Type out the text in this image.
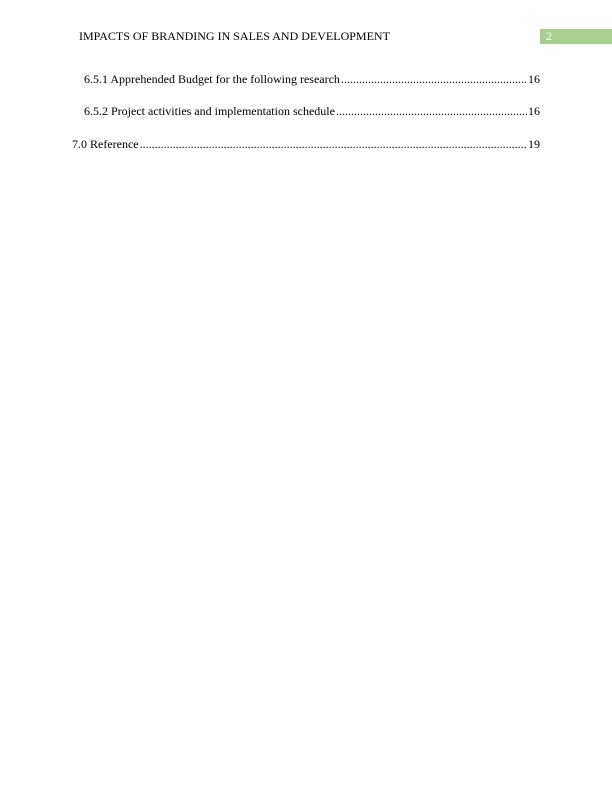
IMPACTS OF BRANDING IN SALES AND DEVELOPMENT	2
6.5.1 Apprehended Budget for the following research .....	16
6.5.2 Project activities and implementation schedule .....	16
7.0 Reference .....	19
